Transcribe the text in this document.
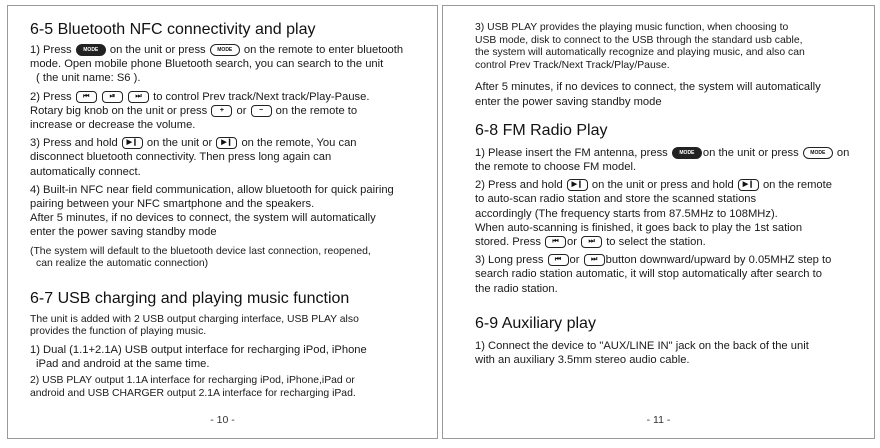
6-5 Bluetooth NFC connectivity and play

1) Press MODE on the unit or press MODE on the remote to enter bluetooth
mode. Open mobile phone Bluetooth search, you can search to the unit
( the unit name: S6 ).

2) Press ⏮	⏯	⏭ to control Prev track/Next track/Play-Pause.
Rotary big knob on the unit or press + or − on the remote to
increase or decrease the volume.

3) Press and hold ▶❙ on the unit or ▶❙ on the remote, You can
disconnect bluetooth connectivity. Then press long again can
automatically connect.

4) Built-in NFC near field communication, allow bluetooth for quick pairing
pairing between your NFC smartphone and the speakers.
After 5 minutes, if no devices to connect, the system will automatically
enter the power saving standby mode

(The system will default to the bluetooth device last connection, reopened,
can realize the automatic connection)

6-7 USB charging and playing music function

The unit is added with 2 USB output charging interface, USB PLAY also
provides the function of playing music.

1) Dual (1.1+2.1A) USB output interface for recharging iPod, iPhone
iPad and android at the same time.

2) USB PLAY output 1.1A interface for recharging iPod, iPhone,iPad or
android and USB CHARGER output 2.1A interface for recharging iPad.

- 10 -

3) USB PLAY provides the playing music function, when choosing to
USB mode, disk to connect to the USB through the standard usb cable,
the system will automatically recognize and playing music, and also can
control Prev Track/Next Track/Play/Pause.

After 5 minutes, if no devices to connect, the system will automatically
enter the power saving standby mode

6-8 FM Radio Play

1) Please insert the FM antenna, press MODE on the unit or press MODE on
the remote to choose FM model.

2) Press and hold ▶❙ on the unit or press and hold ▶❙ on the remote
to auto-scan radio station and store the scanned stations
accordingly (The frequency starts from 87.5MHz to 108MHz).
When auto-scanning is finished, it goes back to play the 1st sation
stored. Press ⏮ or ⏭ to select the station.

3) Long press ⏮ or ⏭ button downward/upward by 0.05MHZ step to
search radio station automatic, it will stop automatically after search to
the radio station.

6-9 Auxiliary play

1) Connect the device to "AUX/LINE IN" jack on the back of the unit
with an auxiliary 3.5mm stereo audio cable.

- 11 -
